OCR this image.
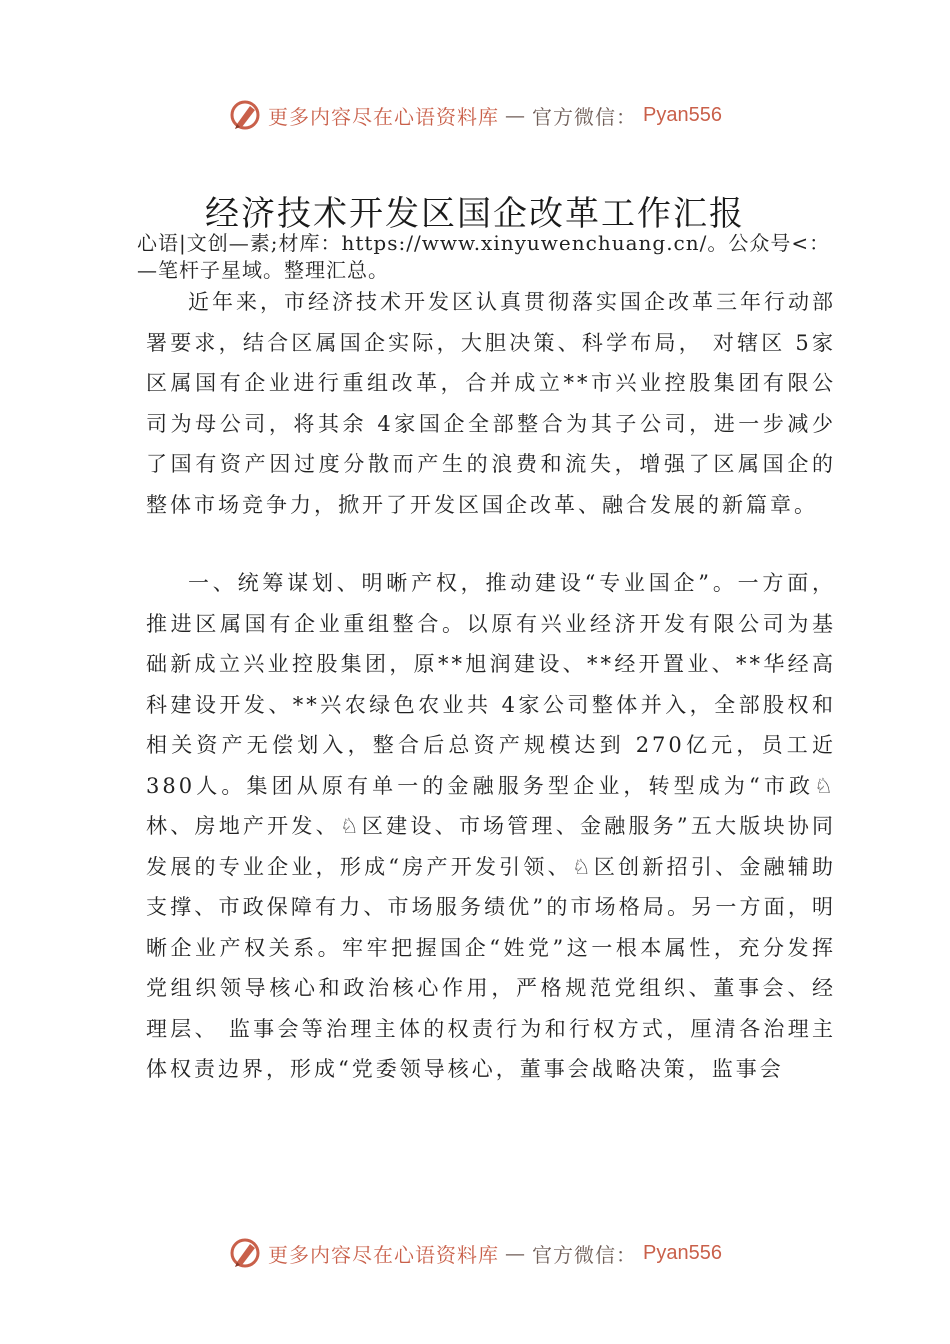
更多内容尽在心语资料库 — 官方微信： Pyan556
经济技术开发区国企改革工作汇报
心语|文创—素;材库：https://www.xinyuwenchuang.cn/。公众号<：—笔杆子星域。整理汇总。

近年来，市经济技术开发区认真贯彻落实国企改革三年行动部署要求，结合区属国企实际，大胆决策、科学布局， 对辖区 5家区属国有企业进行重组改革，合并成立**市兴业控股集团有限公司为母公司，将其余 4家国企全部整合为其子公司，进一步减少了国有资产因过度分散而产生的浪费和流失，增强了区属国企的整体市场竞争力，掀开了开发区国企改革、融合发展的新篇章。

一、统筹谋划、明晰产权，推动建设“专业国企”。一方面，推进区属国有企业重组整合。以原有兴业经济开发有限公司为基础新成立兴业控股集团，原**旭润建设、**经开置业、**华经高科建设开发、**兴农绿色农业共 4家公司整体并入，全部股权和相关资产无偿划入，整合后总资产规模达到 270亿元，员工近 380人。集团从原有单一的金融服务型企业，转型成为“市政♘林、房地产开发、♘区建设、市场管理、金融服务”五大版块协同发展的专业企业，形成“房产开发引领、♘区创新招引、金融辅助支撑、市政保障有力、市场服务绩优”的市场格局。另一方面，明晰企业产权关系。牢牢把握国企“姓党”这一根本属性，充分发挥党组织领导核心和政治核心作用，严格规范党组织、董事会、经理层、 监事会等治理主体的权责行为和行权方式，厘清各治理主体权责边界，形成“党委领导核心，董事会战略决策，监事会

更多内容尽在心语资料库 — 官方微信： Pyan556
